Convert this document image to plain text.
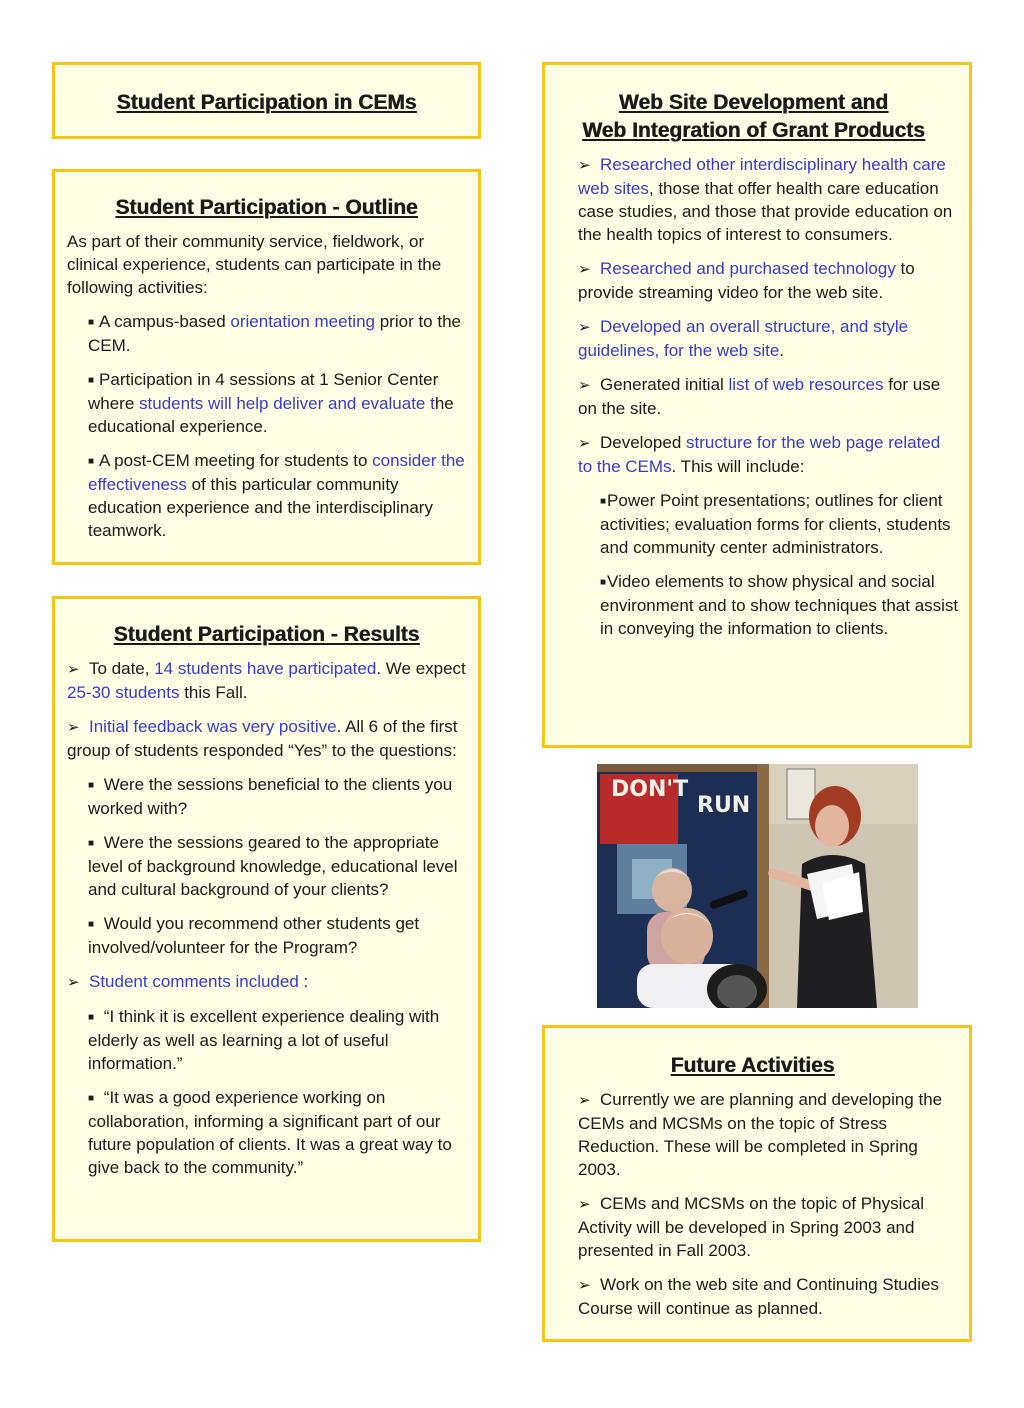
Student Participation in CEMs
Student Participation - Outline

As part of their community service, fieldwork, or clinical experience, students can participate in the following activities:

■ A campus-based orientation meeting prior to the CEM.

■ Participation in 4 sessions at 1 Senior Center where students will help deliver and evaluate the educational experience.

■ A post-CEM meeting for students to consider the effectiveness of this particular community education experience and the interdisciplinary teamwork.

Student Participation - Results

➢ To date, 14 students have participated. We expect 25-30 students this Fall.

➢ Initial feedback was very positive. All 6 of the first group of students responded “Yes” to the questions:

■ Were the sessions beneficial to the clients you worked with?

■ Were the sessions geared to the appropriate level of background knowledge, educational level and cultural background of your clients?

■ Would you recommend other students get involved/volunteer for the Program?

➢ Student comments included :

■ “I think it is excellent experience dealing with elderly as well as learning a lot of useful information.”

■ “It was a good experience working on collaboration, informing a significant part of our future population of clients. It was a great way to give back to the community.”

Web Site Development and
Web Integration of Grant Products

➢ Researched other interdisciplinary health care web sites, those that offer health care education case studies, and those that provide education on the health topics of interest to consumers.

➢ Researched and purchased technology to provide streaming video for the web site.

➢ Developed an overall structure, and style guidelines, for the web site.

➢ Generated initial list of web resources for use on the site.

➢ Developed structure for the web page related to the CEMs. This will include:

■Power Point presentations; outlines for client activities; evaluation forms for clients, students and community center administrators.

■Video elements to show physical and social environment and to show techniques that assist in conveying the information to clients.

DON'T
RUN
Future Activities

➢ Currently we are planning and developing the CEMs and MCSMs on the topic of Stress Reduction. These will be completed in Spring 2003.

➢ CEMs and MCSMs on the topic of Physical Activity will be developed in Spring 2003 and presented in Fall 2003.

➢ Work on the web site and Continuing Studies Course will continue as planned.
